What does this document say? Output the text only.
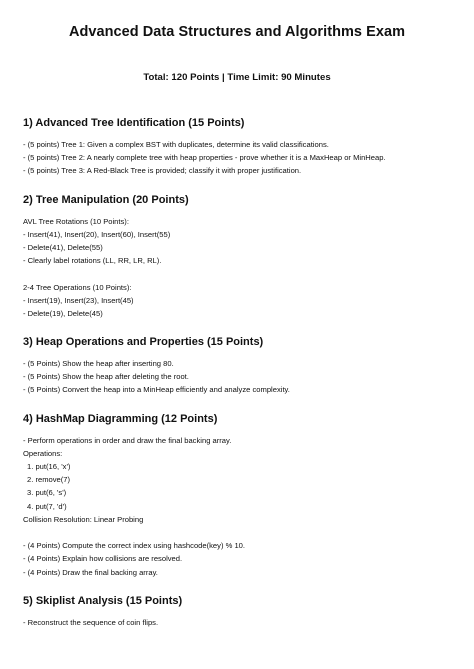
Advanced Data Structures and Algorithms Exam
Total: 120 Points | Time Limit: 90 Minutes
1) Advanced Tree Identification (15 Points)
- (5 points) Tree 1: Given a complex BST with duplicates, determine its valid classifications.
- (5 points) Tree 2: A nearly complete tree with heap properties - prove whether it is a MaxHeap or MinHeap.
- (5 points) Tree 3: A Red-Black Tree is provided; classify it with proper justification.
2) Tree Manipulation (20 Points)
AVL Tree Rotations (10 Points):
- Insert(41), Insert(20), Insert(60), Insert(55)
- Delete(41), Delete(55)
- Clearly label rotations (LL, RR, LR, RL).
2-4 Tree Operations (10 Points):
- Insert(19), Insert(23), Insert(45)
- Delete(19), Delete(45)
3) Heap Operations and Properties (15 Points)
- (5 Points) Show the heap after inserting 80.
- (5 Points) Show the heap after deleting the root.
- (5 Points) Convert the heap into a MinHeap efficiently and analyze complexity.
4) HashMap Diagramming (12 Points)
- Perform operations in order and draw the final backing array.
Operations:
1. put(16, 'x')
2. remove(7)
3. put(6, 's')
4. put(7, 'd')
Collision Resolution: Linear Probing
- (4 Points) Compute the correct index using hashcode(key) % 10.
- (4 Points) Explain how collisions are resolved.
- (4 Points) Draw the final backing array.
5) Skiplist Analysis (15 Points)
- Reconstruct the sequence of coin flips.
